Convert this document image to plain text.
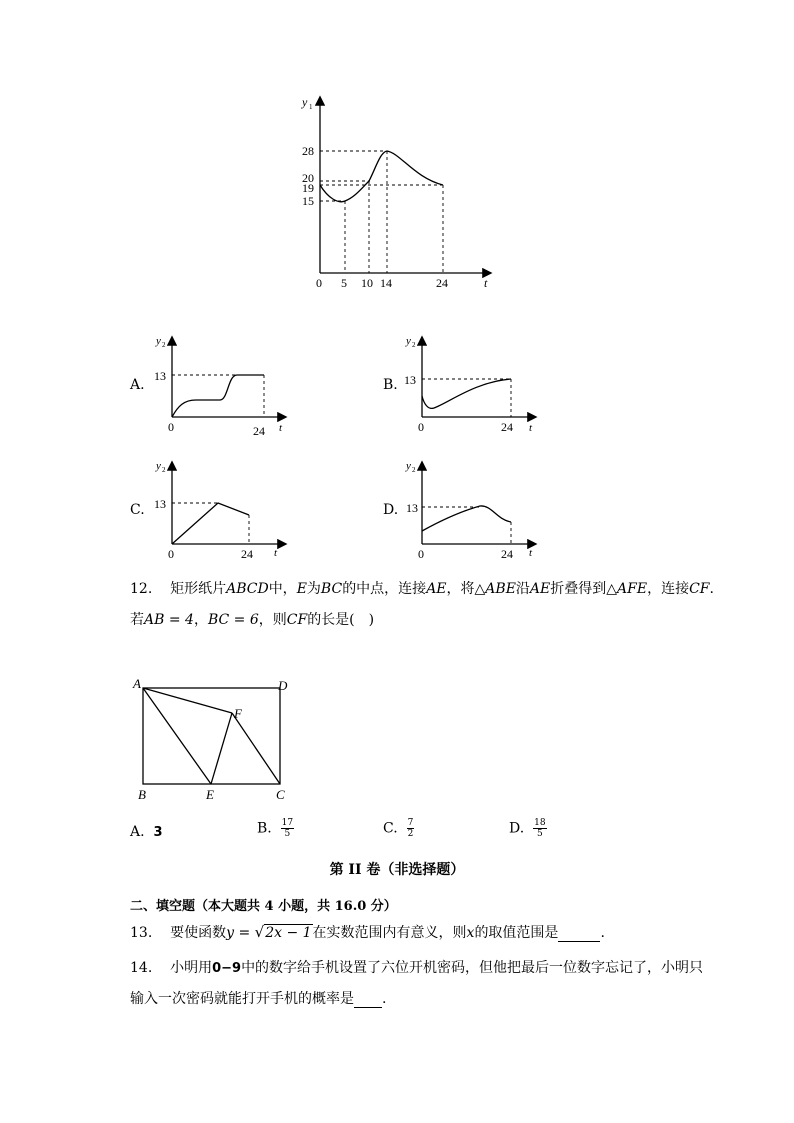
y 1
t
28
20
19
15
0 5 10 14	24
A.
y 2
t
0	24
13
B.
y 2
t
0	24
13
C.
y 2
t
0	24
13	D.
y 2
t
0	24
13
12. 矩形纸片ABCD中，E为BC的中点，连接AE，将△ABE沿AE折叠得到△AFE，连接CF.
若AB = 4，BC = 6，则CF的长是(　)
A	D
F
B	E	C
A. 3	B. $\frac{17}{5}$	C. $\frac{7}{2}$	D. $\frac{18}{5}$
第 II 卷（非选择题）
二、填空题（本大题共 4 小题，共 16.0 分）
13. 要使函数y = √2x − 1在实数范围内有意义，则x的取值范围是	.
14. 小明用0−9中的数字给手机设置了六位开机密码，但他把最后一位数字忘记了，小明只
输入一次密码就能打开手机的概率是 .
